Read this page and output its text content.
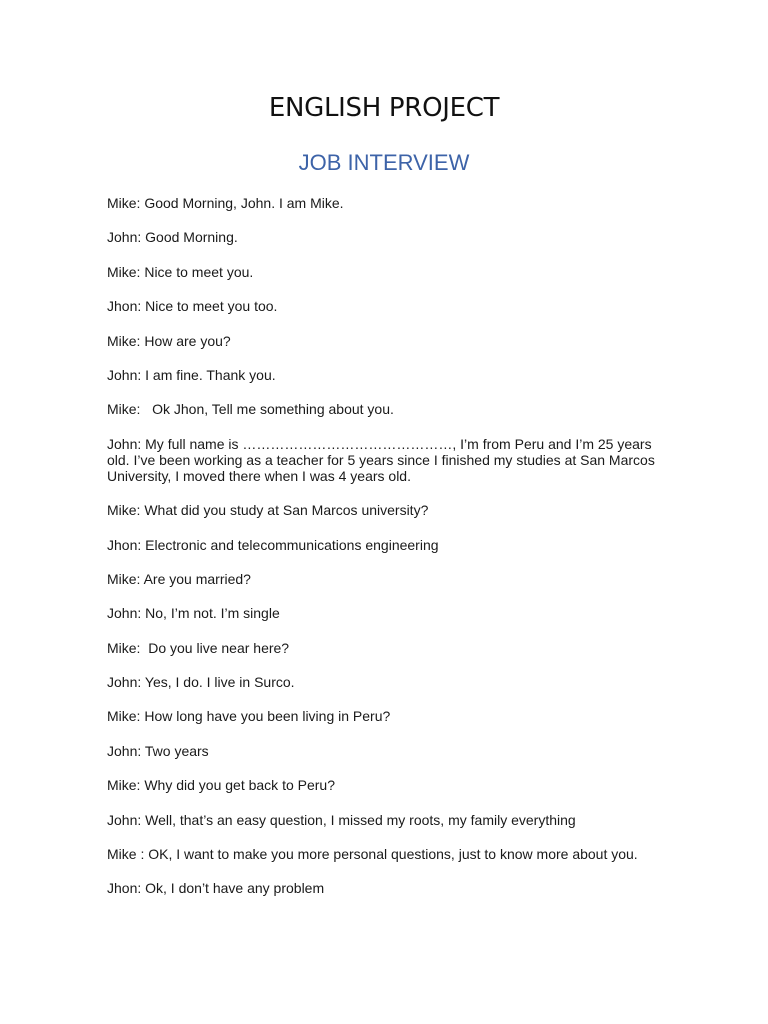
ENGLISH PROJECT
JOB INTERVIEW

Mike: Good Morning, John. I am Mike.

John: Good Morning.

Mike: Nice to meet you.

Jhon: Nice to meet you too.

Mike: How are you?

John: I am fine. Thank you.

Mike:   Ok Jhon, Tell me something about you.

John: My full name is ………………………………………, I’m from Peru and I’m 25 years old. I’ve been working as a teacher for 5 years since I finished my studies at San Marcos University, I moved there when I was 4 years old.

Mike: What did you study at San Marcos university?

Jhon: Electronic and telecommunications engineering

Mike: Are you married?

John: No, I’m not. I’m single

Mike:  Do you live near here?

John: Yes, I do. I live in Surco.

Mike: How long have you been living in Peru?

John: Two years

Mike: Why did you get back to Peru?

John: Well, that’s an easy question, I missed my roots, my family everything

Mike : OK, I want to make you more personal questions, just to know more about you.

Jhon: Ok, I don’t have any problem
